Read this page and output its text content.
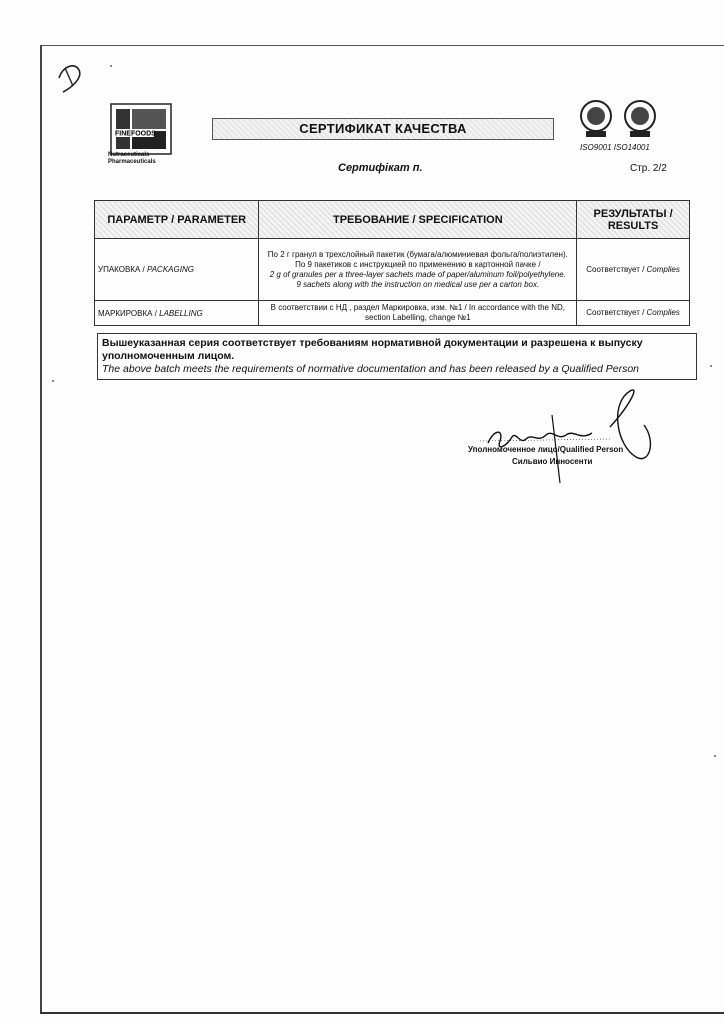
FINEFOODS
Nutraceuticals
Pharmaceuticals
СЕРТИФИКАТ КАЧЕСТВА
ISO9001 ISO14001
Сертифікат п.	Стр. 2/2
ПАРАМЕТР / PARAMETER	ТРЕБОВАНИЕ / SPECIFICATION	РЕЗУЛЬТАТЫ / RESULTS
УПАКОВКА / PACKAGING	По 2 г гранул в трехслойный пакетик (бумага/алюминиевая фольга/полиэтилен).
По 9 пакетиков с инструкцией по применению в картонной пачке /
2 g of granules per a three-layer sachets made of paper/aluminum foil/polyethylene.
9 sachets along with the instruction on medical use per a carton box.	Соответствует / Complies
МАРКИРОВКА / LABELLING	В соответствии с НД , раздел Маркировка, изм. №1 / In accordance with the ND, section Labelling, change №1	Соответствует / Complies
Вышеуказанная серия соответствует требованиям нормативной документации и разрешена к выпуску уполномоченным лицом.
The above batch meets the requirements of normative documentation and has been released by a Qualified Person
Уполномоченное лицо/Qualified Person
Сильвио Инносенти
